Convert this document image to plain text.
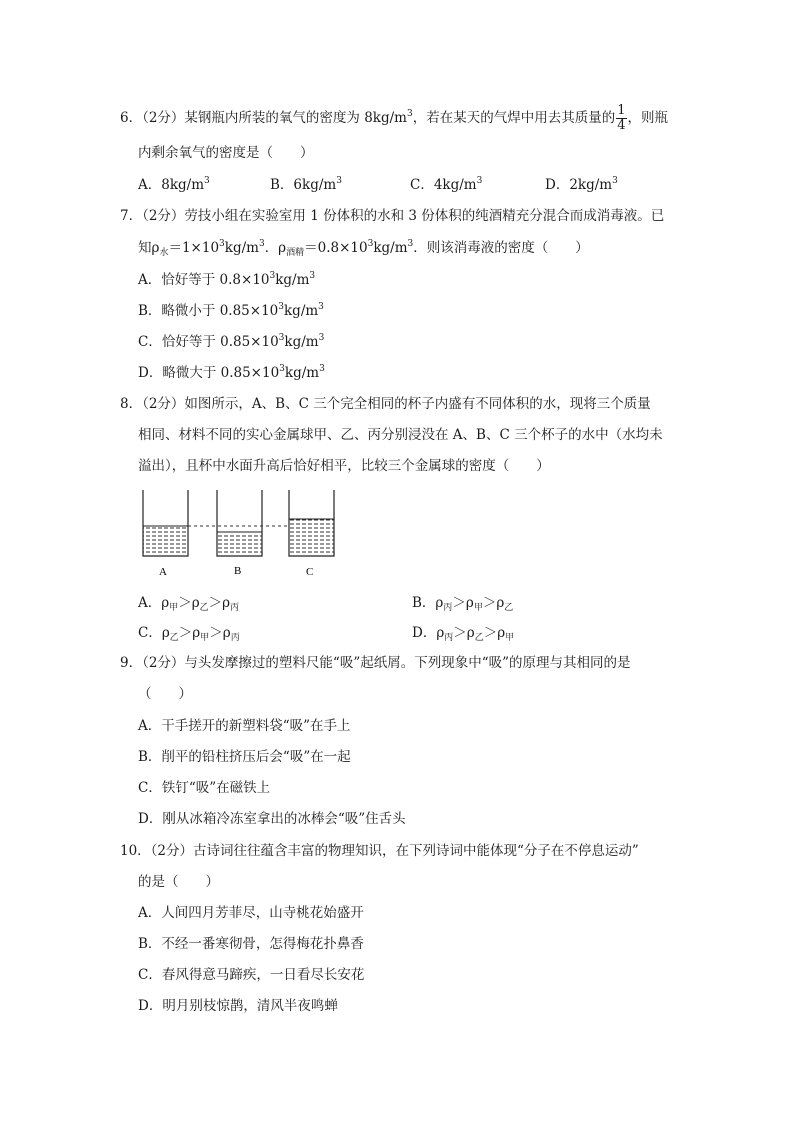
6．（2分）某钢瓶内所装的氧气的密度为 $8kg/m^3$，若在某天的气焊中用去其质量的 $\frac{1}{4}$ ，则瓶
内剩余氧气的密度是（　　）
A．$8kg/m^3$	B．$6kg/m^3$	C．$4kg/m^3$	D．$2kg/m^3$
7．（2分）劳技小组在实验室用 1 份体积的水和 3 份体积的纯酒精充分混合而成消毒液。已
知$\rho_水=1\times 10^3kg/m^3$．$\rho_{酒精}=0.8\times 10^3kg/m^3$．则该消毒液的密度（　　）
A．恰好等于 $0.8\times 10^3kg/m^3$
B．略微小于 $0.85\times 10^3kg/m^3$
C．恰好等于 $0.85\times 10^3kg/m^3$
D．略微大于 $0.85\times 10^3kg/m^3$
8．（2分）如图所示，A、B、C 三个完全相同的杯子内盛有不同体积的水，现将三个质量
相同、材料不同的实心金属球甲、乙、丙分别浸没在 A、B、C 三个杯子的水中（水均未
溢出），且杯中水面升高后恰好相平，比较三个金属球的密度（　　）
A	B	C
A．$\rho_甲>\rho_乙>\rho_丙$	B．$\rho_丙>\rho_甲>\rho_乙$
C．$\rho_乙>\rho_甲>\rho_丙$	D．$\rho_丙>\rho_乙>\rho_甲$
9．（2分）与头发摩擦过的塑料尺能“吸”起纸屑。下列现象中“吸”的原理与其相同的是
（　　）
A．干手搓开的新塑料袋“吸”在手上
B．削平的铅柱挤压后会“吸”在一起
C．铁钉“吸”在磁铁上
D．刚从冰箱冷冻室拿出的冰棒会“吸”住舌头
10．（2分）古诗词往往蕴含丰富的物理知识，在下列诗词中能体现“分子在不停息运动”
的是（　　）
A．人间四月芳菲尽，山寺桃花始盛开
B．不经一番寒彻骨，怎得梅花扑鼻香
C．春风得意马蹄疾，一日看尽长安花
D．明月别枝惊鹊，清风半夜鸣蝉
